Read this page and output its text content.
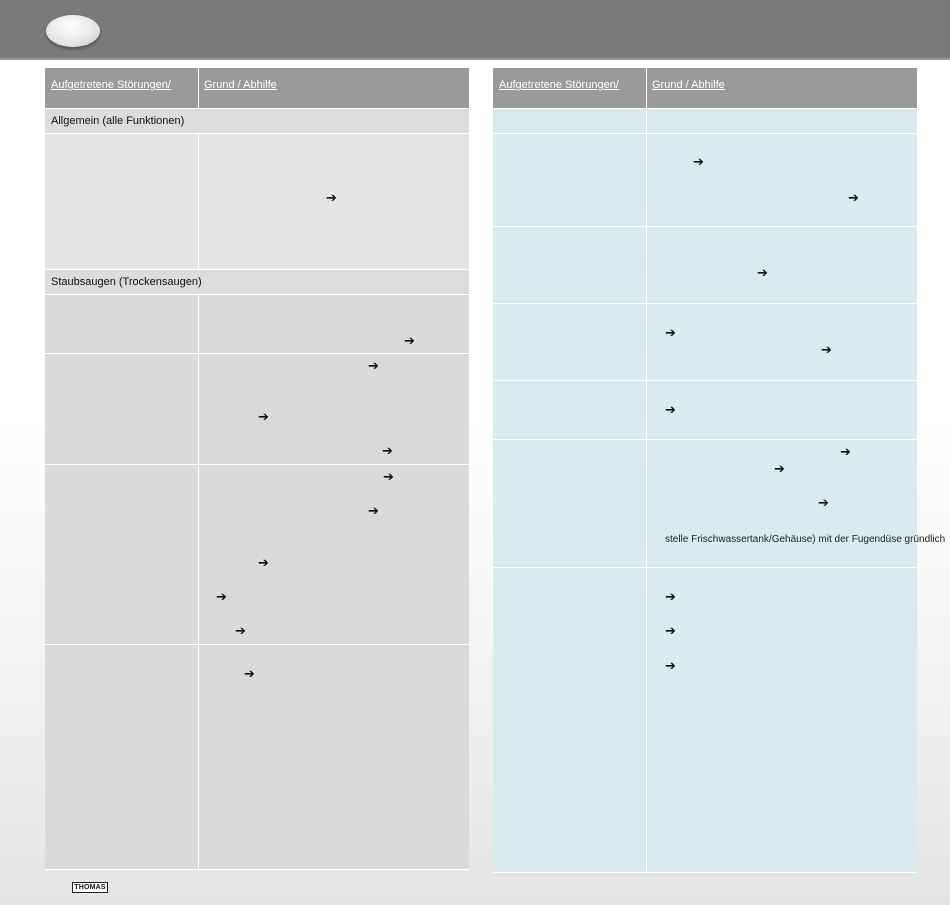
Aufgetretene Störungen/	Grund / Abhilfe
Allgemein (alle Funktionen)
➔
Staubsaugen (Trockensaugen)
➔
➔
➔
➔
➔
➔
➔
➔
➔
➔
Aufgetretene Störungen/	Grund / Abhilfe
➔
➔
➔
➔
➔
➔
➔
➔
➔
stelle Frischwassertank/Gehäuse) mit der Fugendüse gründlich
➔
➔
➔
THOMAS
